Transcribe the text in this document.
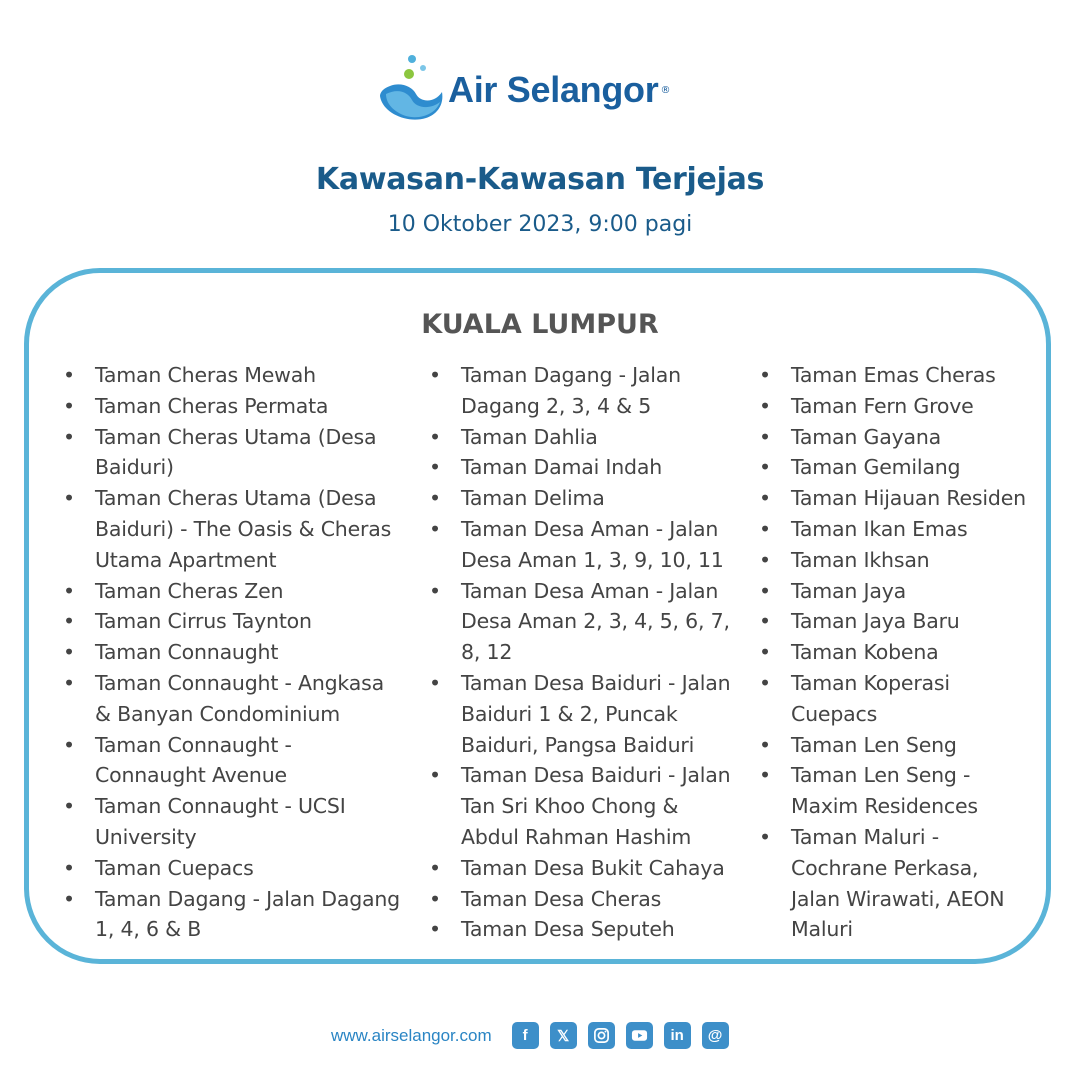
Air Selangor ®
Kawasan-Kawasan Terjejas
10 Oktober 2023, 9:00 pagi
KUALA LUMPUR
• Taman Cheras Mewah
• Taman Cheras Permata
• Taman Cheras Utama (Desa Baiduri)
• Taman Cheras Utama (Desa Baiduri) - The Oasis & Cheras Utama Apartment
• Taman Cheras Zen
• Taman Cirrus Taynton
• Taman Connaught
• Taman Connaught - Angkasa & Banyan Condominium
• Taman Connaught - Connaught Avenue
• Taman Connaught - UCSI University
• Taman Cuepacs
• Taman Dagang - Jalan Dagang 1, 4, 6 & B
• Taman Dagang - Jalan Dagang 2, 3, 4 & 5
• Taman Dahlia
• Taman Damai Indah
• Taman Delima
• Taman Desa Aman - Jalan Desa Aman 1, 3, 9, 10, 11
• Taman Desa Aman - Jalan Desa Aman 2, 3, 4, 5, 6, 7, 8, 12
• Taman Desa Baiduri - Jalan Baiduri 1 & 2, Puncak Baiduri, Pangsa Baiduri
• Taman Desa Baiduri - Jalan Tan Sri Khoo Chong & Abdul Rahman Hashim
• Taman Desa Bukit Cahaya
• Taman Desa Cheras
• Taman Desa Seputeh
• Taman Emas Cheras
• Taman Fern Grove
• Taman Gayana
• Taman Gemilang
• Taman Hijauan Residen
• Taman Ikan Emas
• Taman Ikhsan
• Taman Jaya
• Taman Jaya Baru
• Taman Kobena
• Taman Koperasi Cuepacs
• Taman Len Seng
• Taman Len Seng - Maxim Residences
• Taman Maluri - Cochrane Perkasa, Jalan Wirawati, AEON Maluri
www.airselangor.com	f	𝕏	in	@
